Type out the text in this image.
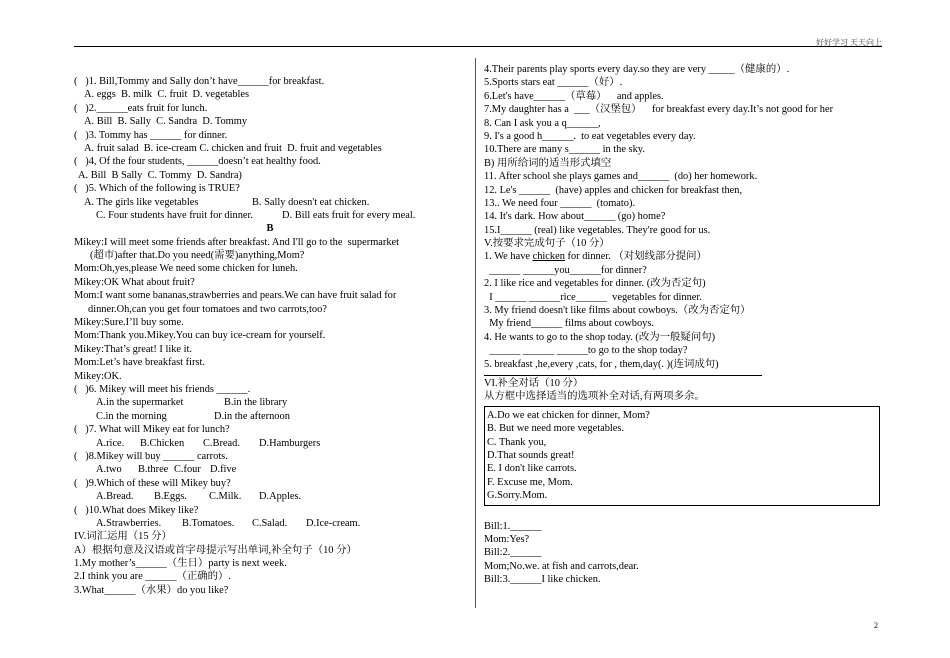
好好学习 天天向上
(   )1. Bill,Tommy and Sally don’t have______for breakfast.
A. eggs  B. milk  C. fruit  D. vegetables
(   )2.______eats fruit for lunch.
A. Bill  B. Sally  C. Sandra  D. Tommy
(   )3. Tommy has ______ for dinner.
A. fruit salad  B. ice-cream C. chicken and fruit  D. fruit and vegetables
(   )4, Of the four students, ______doesn’t eat healthy food.
A. Bill  B Sally  C. Tommy  D. Sandra)
(   )5. Which of the following is TRUE?
A. The girls like vegetables	B. Sally doesn't eat chicken.
C. Four students have fruit for dinner.	D. Bill eats fruit for every meal.
B
Mikey:I will meet some friends after breakfast. And I'll go to the  supermarket
(超市)after that.Do you need(需要)anything,Mom?
Mom:Oh,yes,please We need some chicken for luneh.
Mikey:OK What about fruit?
Mom:I want some bananas,strawberries and pears.We can have fruit salad for
dinner.Oh,can you get four tomatoes and two carrots,too?
Mikey:Sure.I’ll buy some.
Mom:Thank you.Mikey.You can buy ice-cream for yourself.
Mikey:That’s great! I like it.
Mom:Let’s have breakfast first.
Mikey:OK.
(   )6. Mikey will meet his friends ______.
A.in the supermarket	B.in the library
C.in the morning	D.in the afternoon
(   )7. What will Mikey eat for lunch?
A.rice. B.Chicken C.Bread. D.Hamburgers
(   )8.Mikey will buy ______ carrots.
A.two B.three C.four D.five
(   )9.Which of these will Mikey buy?
A.Bread. B.Eggs. C.Milk. D.Apples.
(   )10.What does Mikey like?
A.Strawberries. B.Tomatoes. C.Salad. D.Ice-cream.
IV.词汇运用（15 分）
A）根据句意及汉语或首字母提示写出单词,补全句子（10 分）
1.My mother’s______（生日）party is next week.
2.I think you are ______（正确的）.
3.What______（水果）do you like?
4.Their parents play sports every day.so they are very _____（健康的）.
5.Sports stars eat ______（好）.
6.Let's have______（草莓）    and apples.
7.My daughter has a  ___（汉堡包）    for breakfast every day.It’s not good for her
8. Can I ask you a q______,
9. I's a good h______.  to eat vegetables every day.
10.There are many s______ in the sky.
B) 用所给词的适当形式填空
11. After school she plays games and______  (do) her homework.
12. Le's ______  (have) apples and chicken for breakfast then,
13.. We need four ______  (tomato).
14. It's dark. How about______ (go) home?
15.I______ (real) like vegetables. They're good for us.
V.按要求完成句子（10 分）
1. We have chicken for dinner. （对划线部分提问）
______ ______you______for dinner?
2. I like rice and vegetables for dinner. (改为否定句)
I ______ ______rice______  vegetables for dinner.
3. My friend doesn't like films about cowboys.（改为否定句）
My friend______ films about cowboys.
4. He wants to go to the shop today. (改为一般疑问句)
______ ______ ______to go to the shop today?
5. breakfast ,he,every ,cats, for , them,day(. )(连词成句)
VI.补全对话（10 分）
从方框中选择适当的选项补全对话,有两项多余。
A.Do we eat chicken for dinner, Mom?
B. But we need more vegetables.
C. Thank you,
D.That sounds great!
E. I don't like carrots.
F. Excuse me, Mom.
G.Sorry.Mom.
Bill:1.______
Mom:Yes?
Bill:2.______
Mom;No.we. at fish and carrots,dear.
Bill:3.______I like chicken.
2
